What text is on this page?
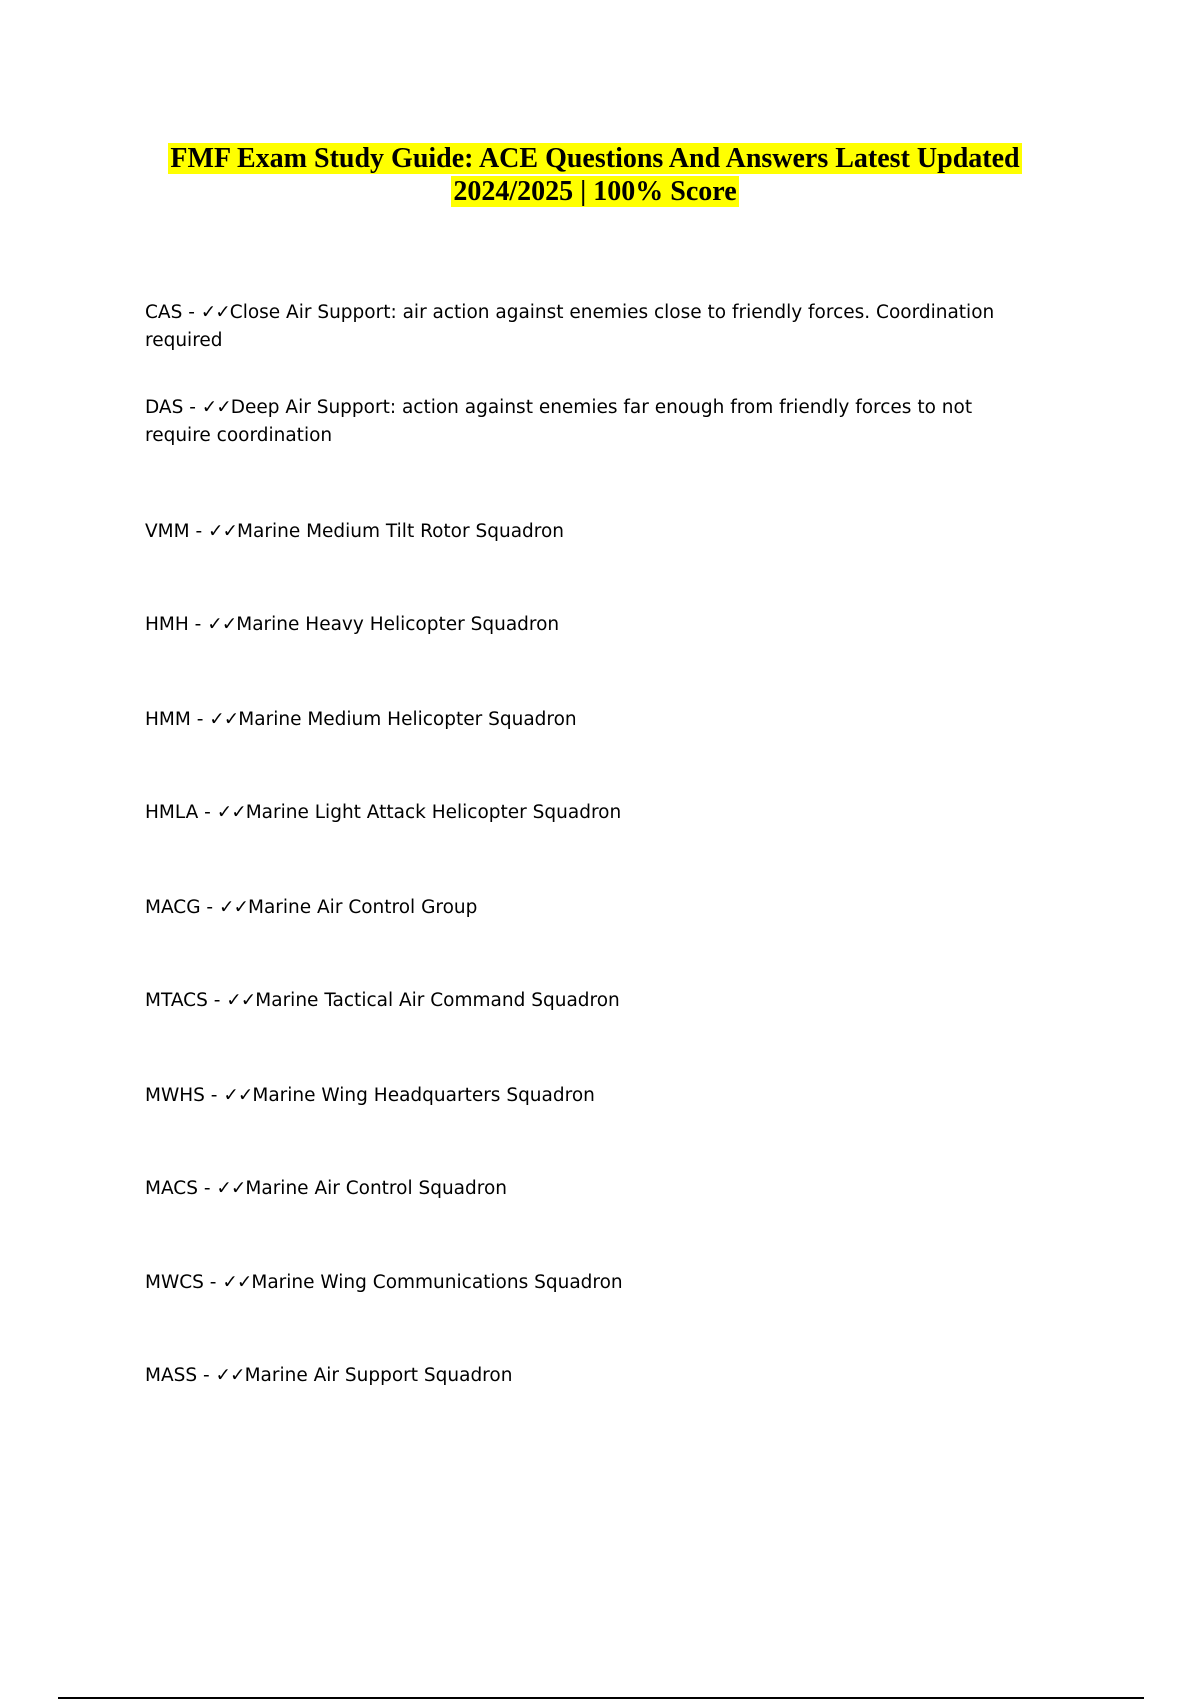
FMF Exam Study Guide: ACE Questions And Answers Latest Updated
2024/2025 | 100% Score
CAS - ✓✓Close Air Support: air action against enemies close to friendly forces. Coordination required
DAS - ✓✓Deep Air Support: action against enemies far enough from friendly forces to not
require coordination
VMM - ✓✓Marine Medium Tilt Rotor Squadron
HMH - ✓✓Marine Heavy Helicopter Squadron
HMM - ✓✓Marine Medium Helicopter Squadron
HMLA - ✓✓Marine Light Attack Helicopter Squadron
MACG - ✓✓Marine Air Control Group
MTACS - ✓✓Marine Tactical Air Command Squadron
MWHS - ✓✓Marine Wing Headquarters Squadron
MACS - ✓✓Marine Air Control Squadron
MWCS - ✓✓Marine Wing Communications Squadron
MASS - ✓✓Marine Air Support Squadron
